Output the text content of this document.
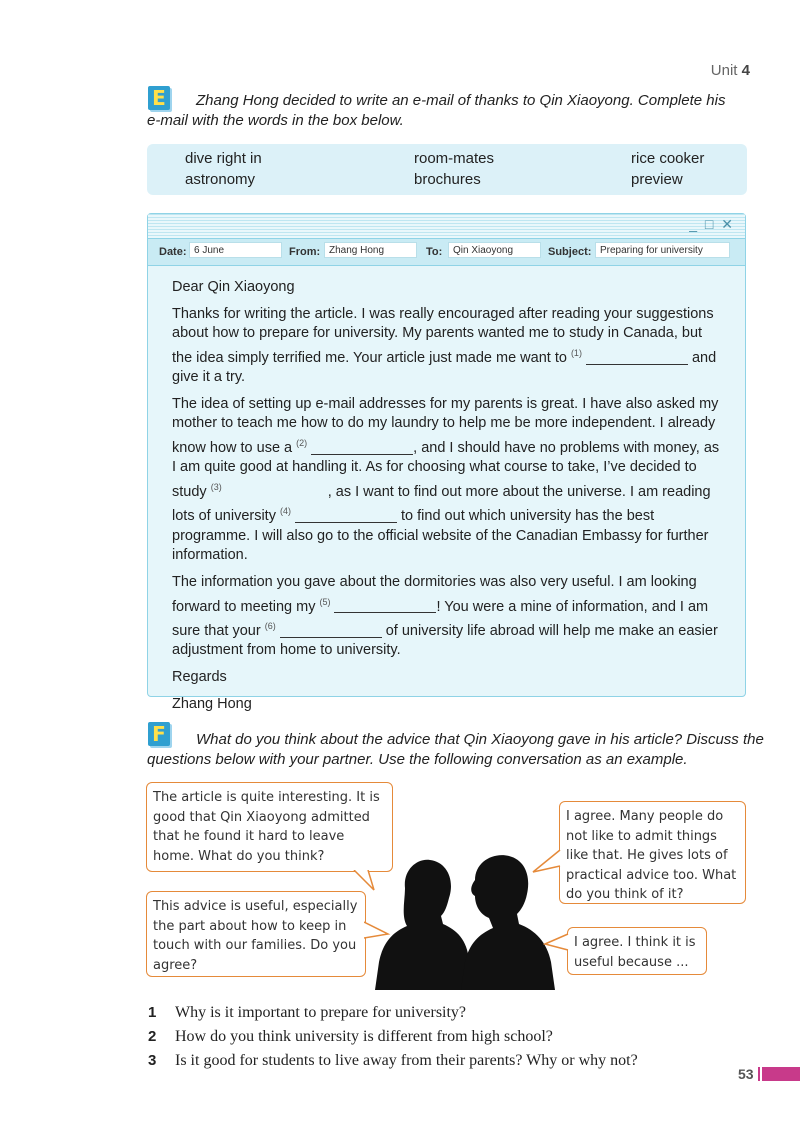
Unit 4
E Zhang Hong decided to write an e-mail of thanks to Qin Xiaoyong. Complete his
e-mail with the words in the box below.
dive right in	room-mates	rice cooker
astronomy	brochures	preview
_ □ ✕
Date: 6 June	From: Zhang Hong	To:	Qin Xiaoyong	Subject: Preparing for university

Dear Qin Xiaoyong

Thanks for writing the article. I was really encouraged after reading your suggestions about how to prepare for university. My parents wanted me to study in Canada, but the idea simply terrified me. Your article just made me want to $^{(1)}$	and give it a try.

The idea of setting up e-mail addresses for my parents is great. I have also asked my mother to teach me how to do my laundry to help me be more independent. I already know how to use a $^{(2)}$	, and I should have no problems with money, as I am quite good at handling it. As for choosing what course to take, I’ve decided to study $^{(3)}$	, as I want to find out more about the universe. I am reading lots of university $^{(4)}$	to find out which university has the best programme. I will also go to the official website of the Canadian Embassy for further information.

The information you gave about the dormitories was also very useful. I am looking forward to meeting my $^{(5)}$	! You were a mine of information, and I am sure that your $^{(6)}$	of university life abroad will help me make an easier adjustment from home to university.

Regards

Zhang Hong

F What do you think about the advice that Qin Xiaoyong gave in his article? Discuss the
questions below with your partner. Use the following conversation as an example.
The article is quite interesting. It is good that Qin Xiaoyong admitted that he found it hard to leave home. What do you think?
This advice is useful, especially the part about how to keep in touch with our families. Do you agree?
I agree. Many people do not like to admit things like that. He gives lots of practical advice too. What do you think of it?
I agree. I think it is useful because ...
1 Why is it important to prepare for university?
2 How do you think university is different from high school?
3 Is it good for students to live away from their parents? Why or why not?
53
